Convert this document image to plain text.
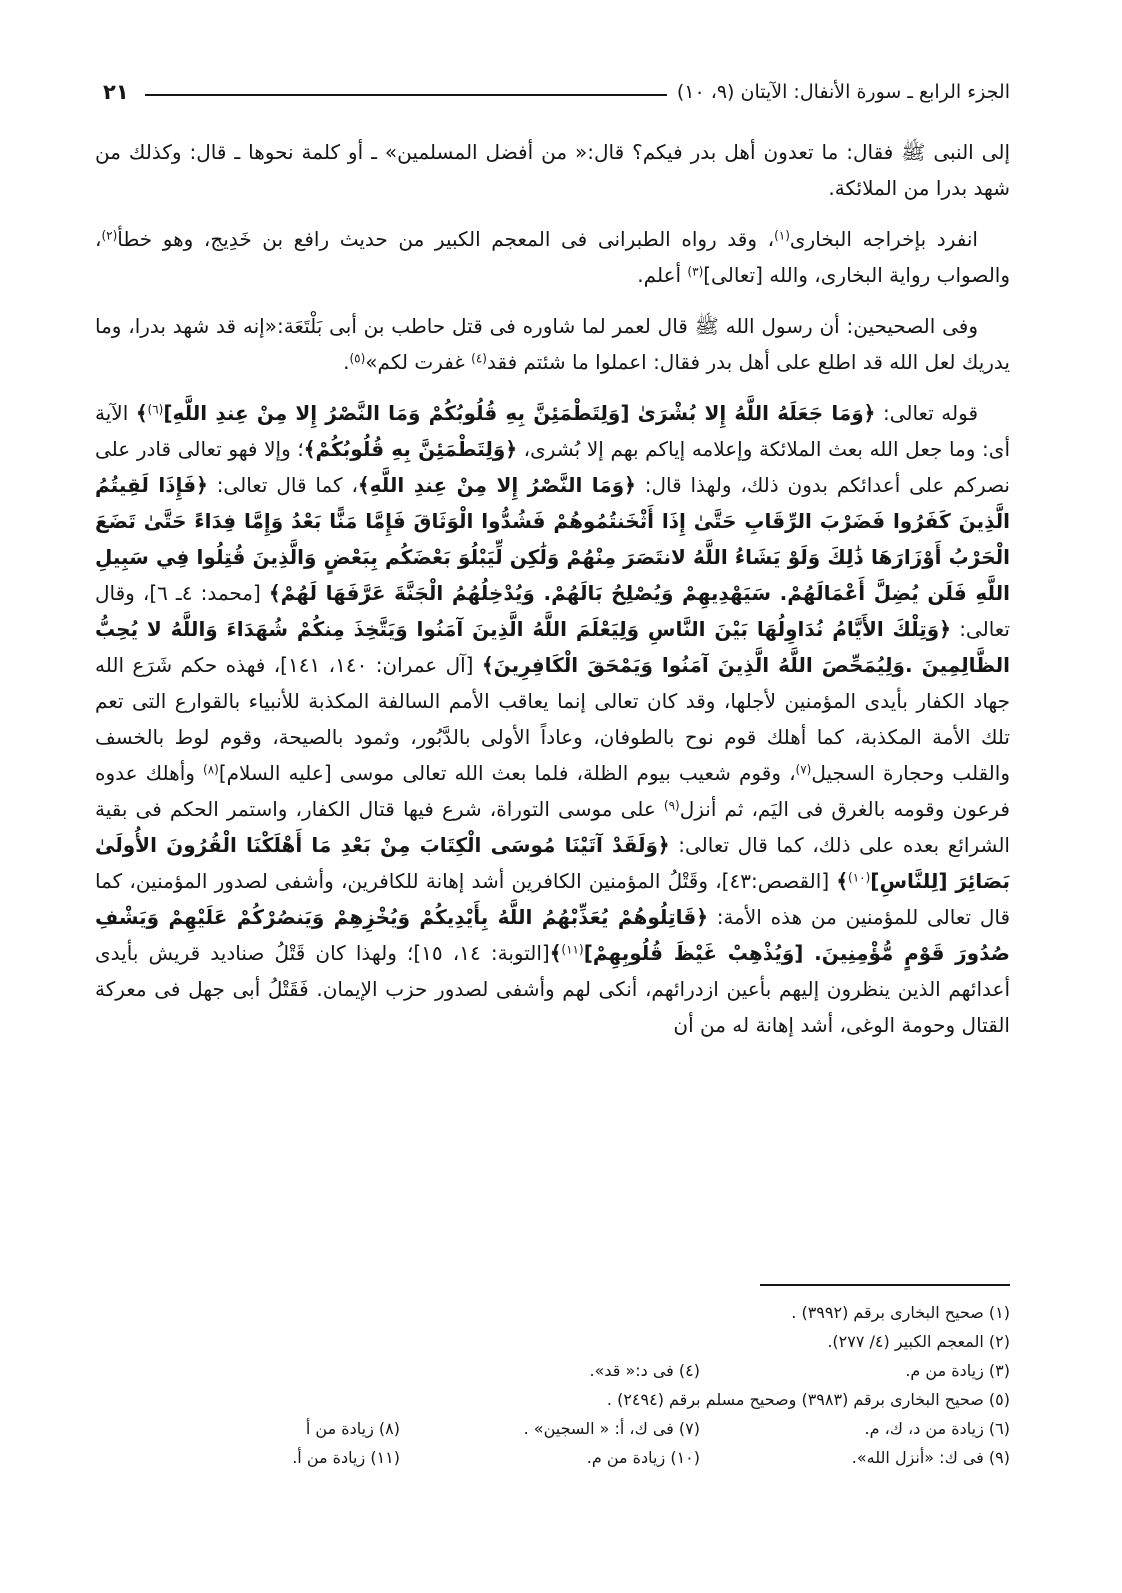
الجزء الرابع ـ سورة الأنفال: الآيتان (٩، ١٠)
٢١

إلى النبى ﷺ فقال: ما تعدون أهل بدر فيكم؟ قال:« من أفضل المسلمين» ـ أو كلمة نحوها ـ قال: وكذلك من شهد بدرا من الملائكة.

انفرد بإخراجه البخارى$^{(١)}$، وقد رواه الطبرانى فى المعجم الكبير من حديث رافع بن خَدِيج، وهو خطأ$^{(٢)}$، والصواب رواية البخارى، والله [تعالى]$^{(٣)}$ أعلم.

وفى الصحيحين: أن رسول الله ﷺ قال لعمر لما شاوره فى قتل حاطب بن أبى بَلْتَعَة:«إنه قد شهد بدرا، وما يدريك لعل الله قد اطلع على أهل بدر فقال: اعملوا ما شئتم فقد$^{(٤)}$ غفرت لكم»$^{(٥)}$.

قوله تعالى: ﴿وَمَا جَعَلَهُ اللَّهُ إِلا بُشْرَىٰ [وَلِتَطْمَئِنَّ بِهِ قُلُوبُكُمْ وَمَا النَّصْرُ إِلا مِنْ عِندِ اللَّهِ]$^{(٦)}$﴾ الآية أى: وما جعل الله بعث الملائكة وإعلامه إياكم بهم إلا بُشرى، ﴿وَلِتَطْمَئِنَّ بِهِ قُلُوبُكُمْ﴾؛ وإلا فهو تعالى قادر على نصركم على أعدائكم بدون ذلك، ولهذا قال: ﴿وَمَا النَّصْرُ إِلا مِنْ عِندِ اللَّهِ﴾، كما قال تعالى: ﴿فَإِذَا لَقِيتُمُ الَّذِينَ كَفَرُوا فَضَرْبَ الرِّقَابِ حَتَّىٰ إِذَا أَثْخَنتُمُوهُمْ فَشُدُّوا الْوَثَاقَ فَإِمَّا مَنًّا بَعْدُ وَإِمَّا فِدَاءً حَتَّىٰ تَضَعَ الْحَرْبُ أَوْزَارَهَا ذَٰلِكَ وَلَوْ يَشَاءُ اللَّهُ لانتَصَرَ مِنْهُمْ وَلَٰكِن لِّيَبْلُوَ بَعْضَكُم بِبَعْضٍ وَالَّذِينَ قُتِلُوا فِي سَبِيلِ اللَّهِ فَلَن يُضِلَّ أَعْمَالَهُمْ. سَيَهْدِيهِمْ وَيُصْلِحُ بَالَهُمْ. وَيُدْخِلُهُمُ الْجَنَّةَ عَرَّفَهَا لَهُمْ﴾ [محمد: ٤ـ ٦]، وقال تعالى: ﴿وَتِلْكَ الأَيَّامُ نُدَاوِلُهَا بَيْنَ النَّاسِ وَلِيَعْلَمَ اللَّهُ الَّذِينَ آمَنُوا وَيَتَّخِذَ مِنكُمْ شُهَدَاءَ وَاللَّهُ لا يُحِبُّ الظَّالِمِينَ .وَلِيُمَحِّصَ اللَّهُ الَّذِينَ آمَنُوا وَيَمْحَقَ الْكَافِرِينَ﴾ [آل عمران: ١٤٠، ١٤١]، فهذه حكم شَرَع الله جهاد الكفار بأيدى المؤمنين لأجلها، وقد كان تعالى إنما يعاقب الأمم السالفة المكذبة للأنبياء بالقوارع التى تعم تلك الأمة المكذبة، كما أهلك قوم نوح بالطوفان، وعاداً الأولى بالدَّبُور، وثمود بالصيحة، وقوم لوط بالخسف والقلب وحجارة السجيل$^{(٧)}$، وقوم شعيب بيوم الظلة، فلما بعث الله تعالى موسى [عليه السلام]$^{(٨)}$ وأهلك عدوه فرعون وقومه بالغرق فى اليَم، ثم أنزل$^{(٩)}$ على موسى التوراة، شرع فيها قتال الكفار، واستمر الحكم فى بقية الشرائع بعده على ذلك، كما قال تعالى: ﴿وَلَقَدْ آتَيْنَا مُوسَى الْكِتَابَ مِنْ بَعْدِ مَا أَهْلَكْنَا الْقُرُونَ الأُولَىٰ بَصَائِرَ [لِلنَّاسِ]$^{(١٠)}$﴾ [القصص:٤٣]، وقَتْلُ المؤمنين الكافرين أشد إهانة للكافرين، وأشفى لصدور المؤمنين، كما قال تعالى للمؤمنين من هذه الأمة: ﴿قَاتِلُوهُمْ يُعَذِّبْهُمُ اللَّهُ بِأَيْدِيكُمْ وَيُخْزِهِمْ وَيَنصُرْكُمْ عَلَيْهِمْ وَيَشْفِ صُدُورَ قَوْمٍ مُّؤْمِنِينَ. [وَيُذْهِبْ غَيْظَ قُلُوبِهِمْ]$^{(١١)}$﴾[التوبة: ١٤، ١٥]؛ ولهذا كان قَتْلُ صناديد قريش بأيدى أعدائهم الذين ينظرون إليهم بأعين ازدرائهم، أنكى لهم وأشفى لصدور حزب الإيمان. فَقَتْلُ أبى جهل فى معركة القتال وحومة الوغى، أشد إهانة له من أن

(١) صحيح البخارى برقم (٣٩٩٢) .
(٢) المعجم الكبير (٤/ ٢٧٧).
(٣) زيادة من م.
(٤) فى د:« قد».
(٥) صحيح البخارى برقم (٣٩٨٣) وصحيح مسلم برقم (٢٤٩٤) .
(٦) زيادة من د، ك، م.
(٧) فى ك، أ: « السجين» .
(٨) زيادة من أ
(٩) فى ك: «أنزل الله».
(١٠) زيادة من م.
(١١) زيادة من أ.
